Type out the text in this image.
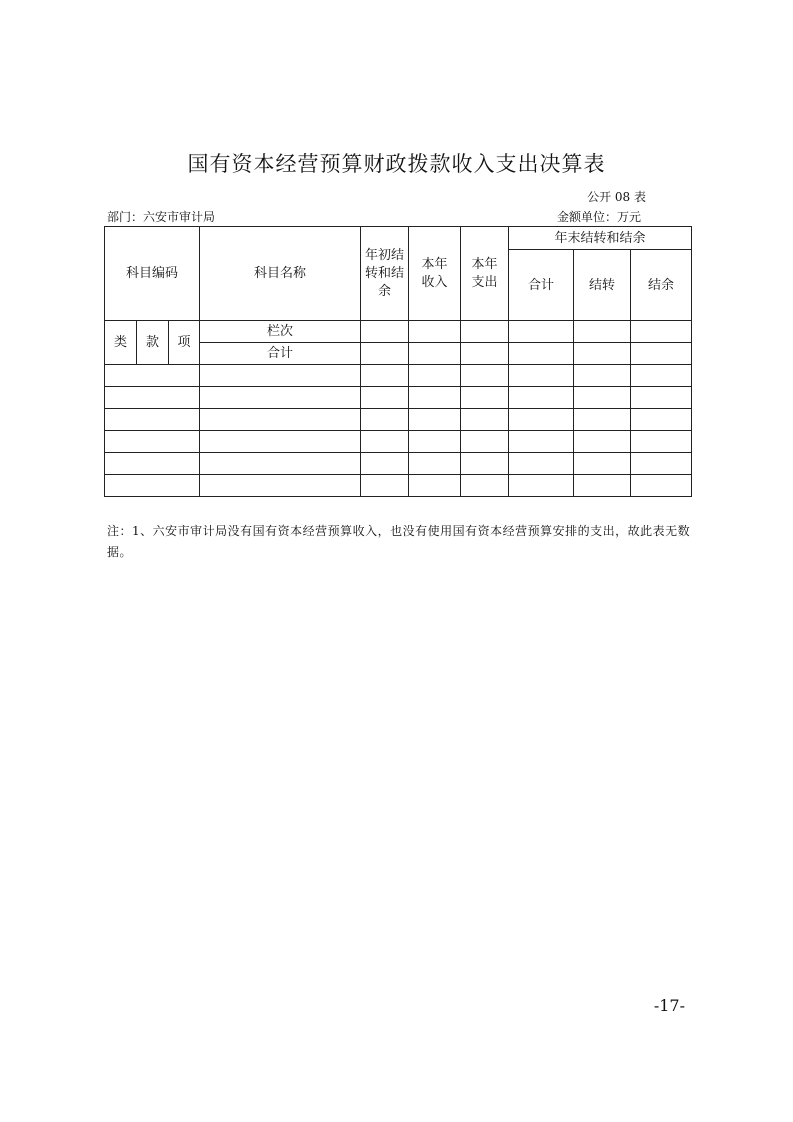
国有资本经营预算财政拨款收入支出决算表
公开 08 表
部门：六安市审计局	金额单位：万元
科目编码			科目名称	年初结转和结余	本年收入	本年支出	年末结转和结余		
							合计	结转	结余
类	款	项	栏次						
			合计						

注：1、六安市审计局没有国有资本经营预算收入，也没有使用国有资本经营预算安排的支出，故此表无数据。
-17-
